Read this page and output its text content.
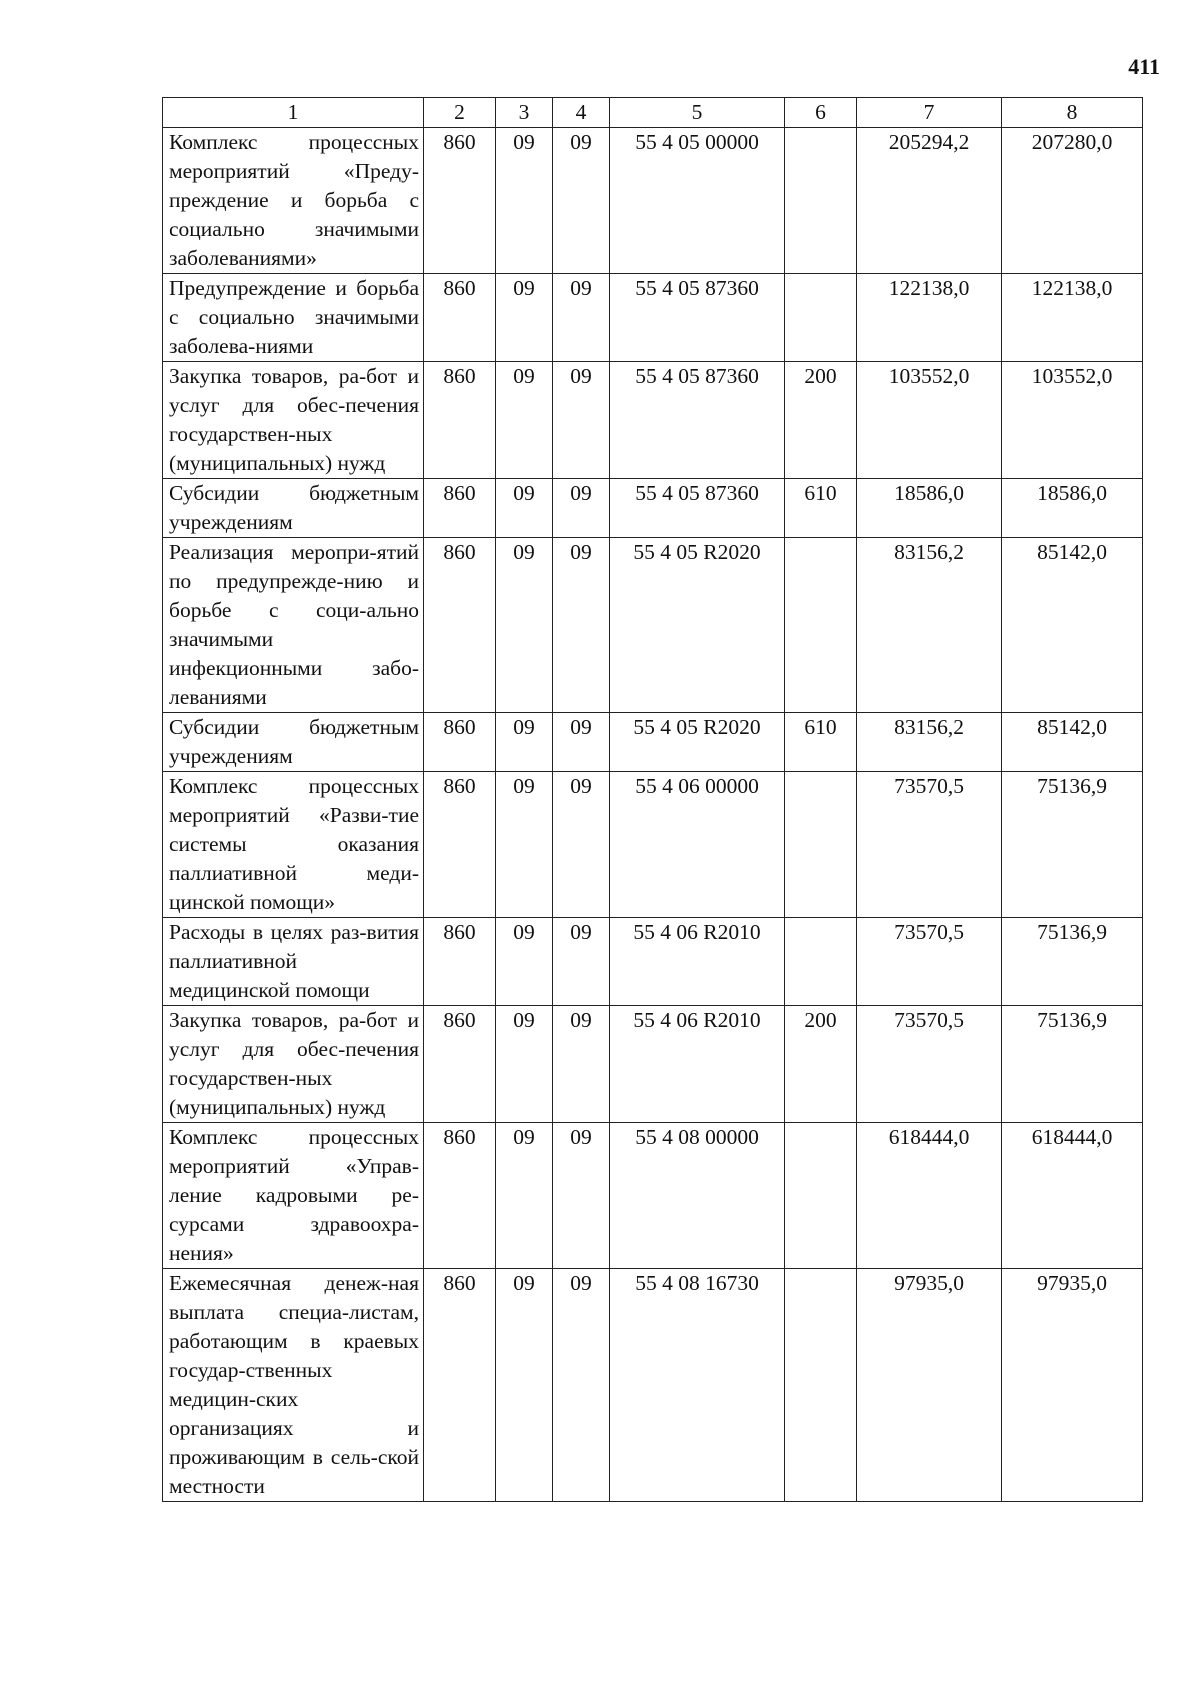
411
1	2	3	4	5	6	7	8
Комплекс процессных мероприятий «Преду-преждение и борьба с социально значимыми заболеваниями»	860	09	09	55 4 05 00000		205294,2	207280,0
Предупреждение и борьба с социально значимыми заболева-ниями	860	09	09	55 4 05 87360		122138,0	122138,0
Закупка товаров, ра-бот и услуг для обес-печения государствен-ных (муниципальных) нужд	860	09	09	55 4 05 87360	200	103552,0	103552,0
Субсидии бюджетным учреждениям	860	09	09	55 4 05 87360	610	18586,0	18586,0
Реализация меропри-ятий по предупрежде-нию и борьбе с соци-ально значимыми инфекционными забо-леваниями	860	09	09	55 4 05 R2020		83156,2	85142,0
Субсидии бюджетным учреждениям	860	09	09	55 4 05 R2020	610	83156,2	85142,0
Комплекс процессных мероприятий «Разви-тие системы оказания паллиативной меди-цинской помощи»	860	09	09	55 4 06 00000		73570,5	75136,9
Расходы в целях раз-вития паллиативной медицинской помощи	860	09	09	55 4 06 R2010		73570,5	75136,9
Закупка товаров, ра-бот и услуг для обес-печения государствен-ных (муниципальных) нужд	860	09	09	55 4 06 R2010	200	73570,5	75136,9
Комплекс процессных мероприятий «Управ-ление кадровыми ре-сурсами здравоохра-нения»	860	09	09	55 4 08 00000		618444,0	618444,0
Ежемесячная денеж-ная выплата специа-листам, работающим в краевых государ-ственных медицин-ских организациях и проживающим в сель-ской местности	860	09	09	55 4 08 16730		97935,0	97935,0
